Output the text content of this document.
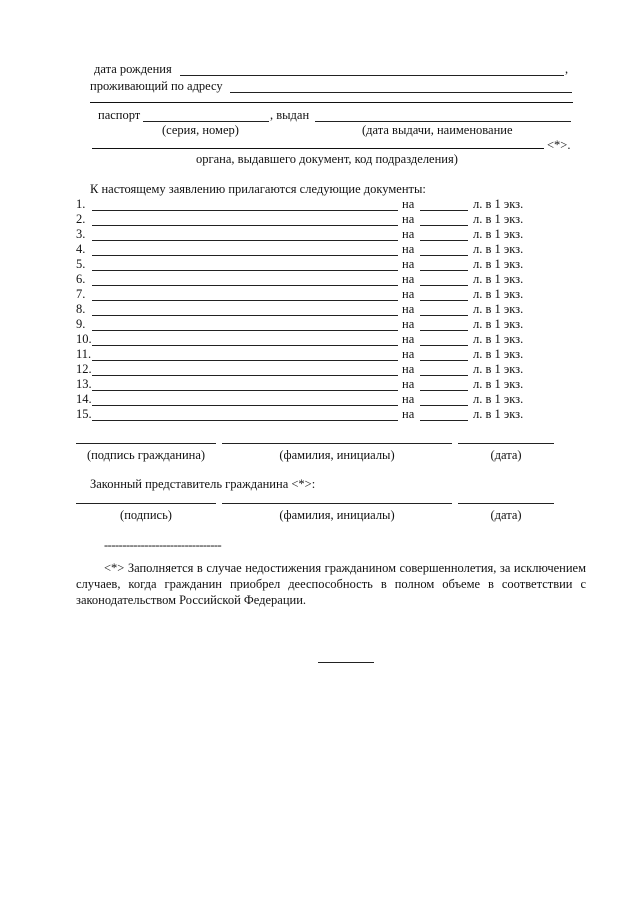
дата рождения	,
проживающий по адресу
паспорт	, выдан
(серия, номер)	(дата выдачи, наименование
<*>.
органа, выдавшего документ, код подразделения)
К настоящему заявлению прилагаются следующие документы:
1.	на	л. в 1 экз.
2.	на	л. в 1 экз.
3.	на	л. в 1 экз.
4.	на	л. в 1 экз.
5.	на	л. в 1 экз.
6.	на	л. в 1 экз.
7.	на	л. в 1 экз.
8.	на	л. в 1 экз.
9.	на	л. в 1 экз.
10.	на	л. в 1 экз.
11.	на	л. в 1 экз.
12.	на	л. в 1 экз.
13.	на	л. в 1 экз.
14.	на	л. в 1 экз.
15.	на	л. в 1 экз.
(подпись гражданина)	(фамилия, инициалы)	(дата)
Законный представитель гражданина <*>:
(подпись)	(фамилия, инициалы)	(дата)
--------------------------------
<*> Заполняется в случае недостижения гражданином совершеннолетия, за исключением случаев, когда гражданин приобрел дееспособность в полном объеме в соответствии с законодательством Российской Федерации.
